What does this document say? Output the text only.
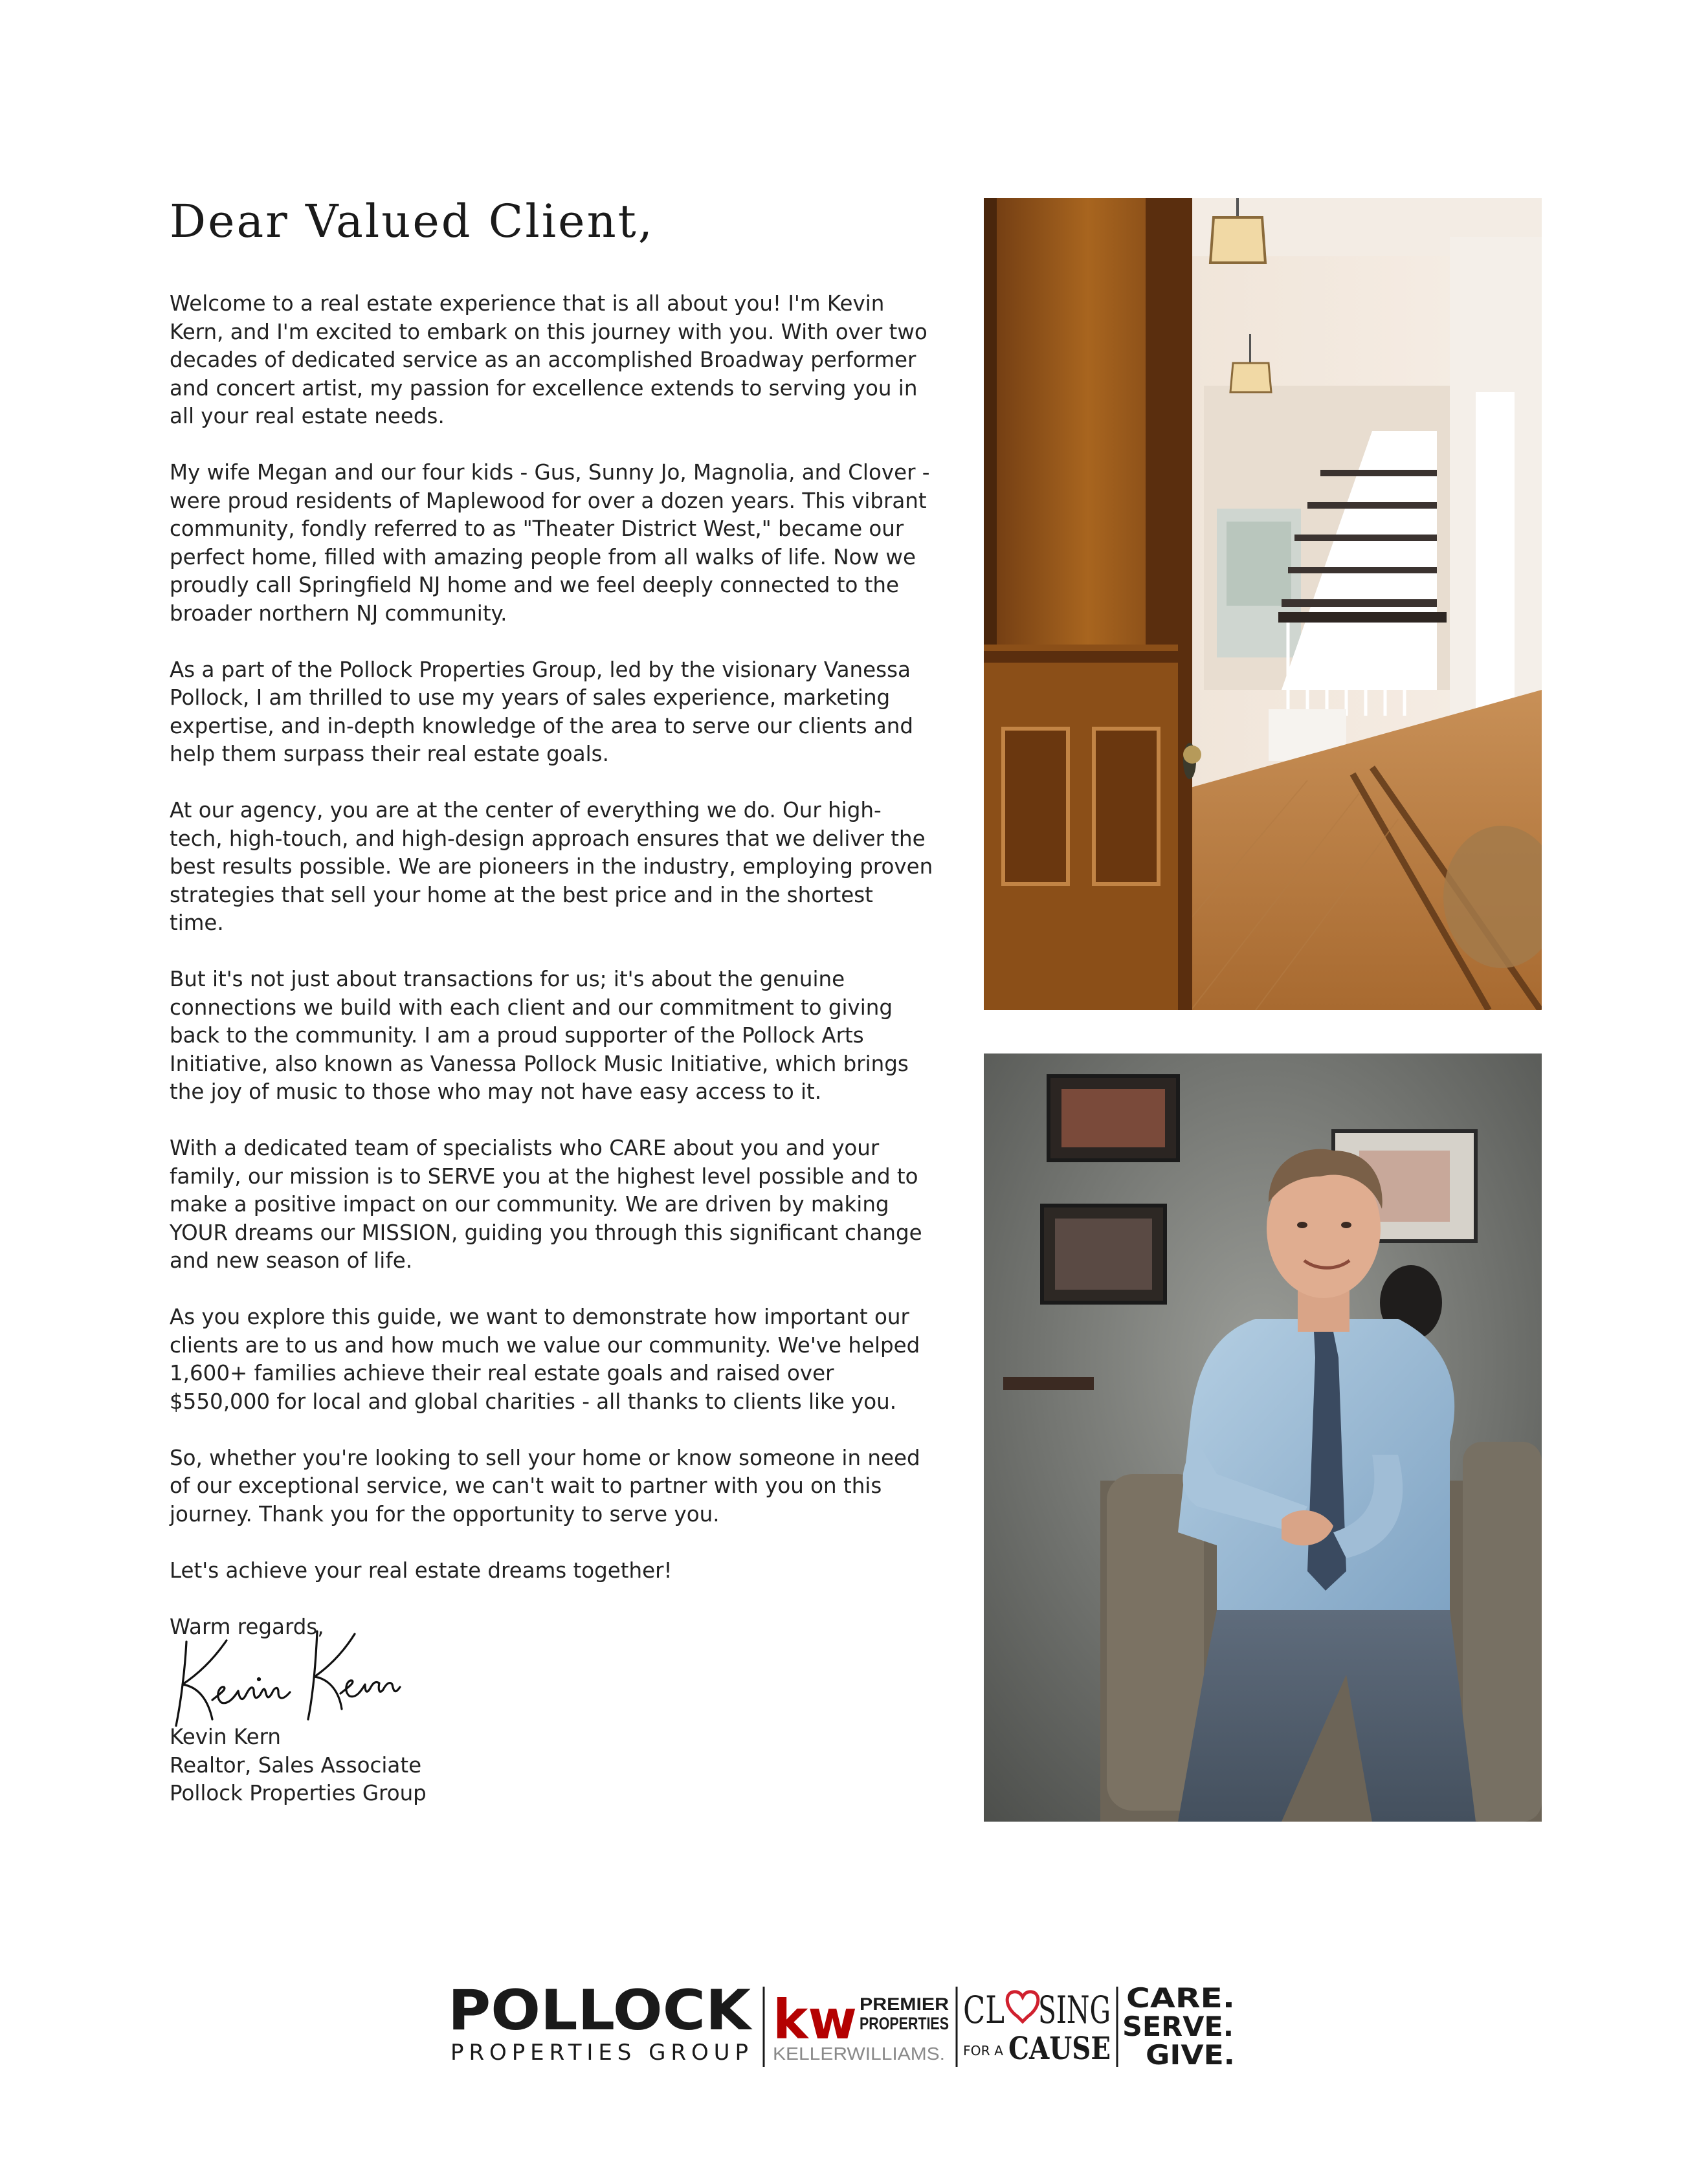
Dear Valued Client,

Welcome to a real estate experience that is all about you! I'm Kevin Kern, and I'm excited to embark on this journey with you. With over two decades of dedicated service as an accomplished Broadway performer and concert artist, my passion for excellence extends to serving you in all your real estate needs.

My wife Megan and our four kids - Gus, Sunny Jo, Magnolia, and Clover - were proud residents of Maplewood for over a dozen years. This vibrant community, fondly referred to as "Theater District West," became our perfect home, filled with amazing people from all walks of life. Now we proudly call Springfield NJ home and we feel deeply connected to the broader northern NJ community.

As a part of the Pollock Properties Group, led by the visionary Vanessa Pollock, I am thrilled to use my years of sales experience, marketing expertise, and in-depth knowledge of the area to serve our clients and help them surpass their real estate goals.

At our agency, you are at the center of everything we do. Our high-tech, high-touch, and high-design approach ensures that we deliver the best results possible. We are pioneers in the industry, employing proven strategies that sell your home at the best price and in the shortest time.

But it's not just about transactions for us; it's about the genuine connections we build with each client and our commitment to giving back to the community. I am a proud supporter of the Pollock Arts Initiative, also known as Vanessa Pollock Music Initiative, which brings the joy of music to those who may not have easy access to it.

With a dedicated team of specialists who CARE about you and your family, our mission is to SERVE you at the highest level possible and to make a positive impact on our community. We are driven by making YOUR dreams our MISSION, guiding you through this significant change and new season of life.

As you explore this guide, we want to demonstrate how important our clients are to us and how much we value our community. We've helped 1,600+ families achieve their real estate goals and raised over $550,000 for local and global charities - all thanks to clients like you.

So, whether you're looking to sell your home or know someone in need of our exceptional service, we can't wait to partner with you on this journey. Thank you for the opportunity to serve you.

Let's achieve your real estate dreams together!

Warm regards,

Kevin Kern
Realtor, Sales Associate
Pollock Properties Group
POLLOCK
PROPERTIES GROUP
kw PREMIER
PROPERTIES
KELLERWILLIAMS.
CL SING
FOR A CAUSE
CARE.
SERVE.
GIVE.
